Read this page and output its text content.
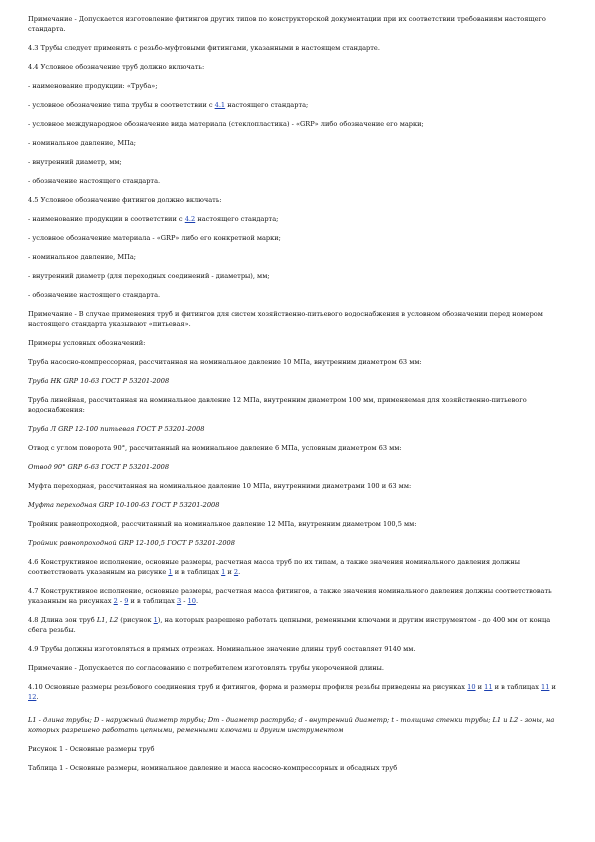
Примечание - Допускается изготовление фитингов других типов по конструкторской документации при их соответствии требованиям настоящего стандарта.

4.3 Трубы следует применять с резьбо-муфтовыми фитингами, указанными в настоящем стандарте.

4.4 Условное обозначение труб должно включать:

- наименование продукции: «Труба»;

- условное обозначение типа трубы в соответствии с 4.1 настоящего стандарта;

- условное международное обозначение вида материала (стеклопластика) - «GRP» либо обозначение его марки;

- номинальное давление, МПа;

- внутренний диаметр, мм;

- обозначение настоящего стандарта.

4.5 Условное обозначение фитингов должно включать:

- наименование продукции в соответствии с 4.2 настоящего стандарта;

- условное обозначение материала - «GRP» либо его конкретной марки;

- номинальное давление, МПа;

- внутренний диаметр (для переходных соединений - диаметры), мм;

- обозначение настоящего стандарта.

Примечание - В случае применения труб и фитингов для систем хозяйственно-питьевого водоснабжения в условном обозначении перед номером настоящего стандарта указывают «питьевая».

Примеры условных обозначений:

Труба насосно-компрессорная, рассчитанная на номинальное давление 10 МПа, внутренним диаметром 63 мм:

Труба НК GRP 10-63 ГОСТ Р 53201-2008

Труба линейная, рассчитанная на номинальное давление 12 МПа, внутренним диаметром 100 мм, применяемая для хозяйственно-питьевого водоснабжения:

Труба Л GRP 12-100 питьевая ГОСТ Р 53201-2008

Отвод с углом поворота 90°, рассчитанный на номинальное давление 6 МПа, условным диаметром 63 мм:

Отвод 90° GRP 6-63 ГОСТ Р 53201-2008

Муфта переходная, рассчитанная на номинальное давление 10 МПа, внутренними диаметрами 100 и 63 мм:

Муфта переходная GRP 10-100-63 ГОСТ Р 53201-2008

Тройник равнопроходной, рассчитанный на номинальное давление 12 МПа, внутренним диаметром 100,5 мм:

Тройник равнопроходной GRP 12-100,5 ГОСТ Р 53201-2008

4.6 Конструктивное исполнение, основные размеры, расчетная масса труб по их типам, а также значения номинального давления должны соответствовать указанным на рисунке 1 и в таблицах 1 и 2.

4.7 Конструктивное исполнение, основные размеры, расчетная масса фитингов, а также значения номинального давления должны соответствовать указанным на рисунках 2 - 9 и в таблицах 3 - 10.

4.8 Длина зон труб L1, L2 (рисунок 1), на которых разрешено работать цепными, ременными ключами и другим инструментом - до 400 мм от конца сбега резьбы.

4.9 Трубы должны изготовляться в прямых отрезках. Номинальное значение длины труб составляет 9140 мм.

Примечание - Допускается по согласованию с потребителем изготовлять трубы укороченной длины.

4.10 Основные размеры резьбового соединения труб и фитингов, форма и размеры профиля резьбы приведены на рисунках 10 и 11 и в таблицах 11 и 12.

L1 - длина трубы; D - наружный диаметр трубы; Dm - диаметр раструба; d - внутренний диаметр; t - толщина стенки трубы; L1 и L2 - зоны, на которых разрешено работать цепными, ременными ключами и другим инструментом

Рисунок 1 - Основные размеры труб

Таблица 1 - Основные размеры, номинальное давление и масса насосно-компрессорных и обсадных труб
